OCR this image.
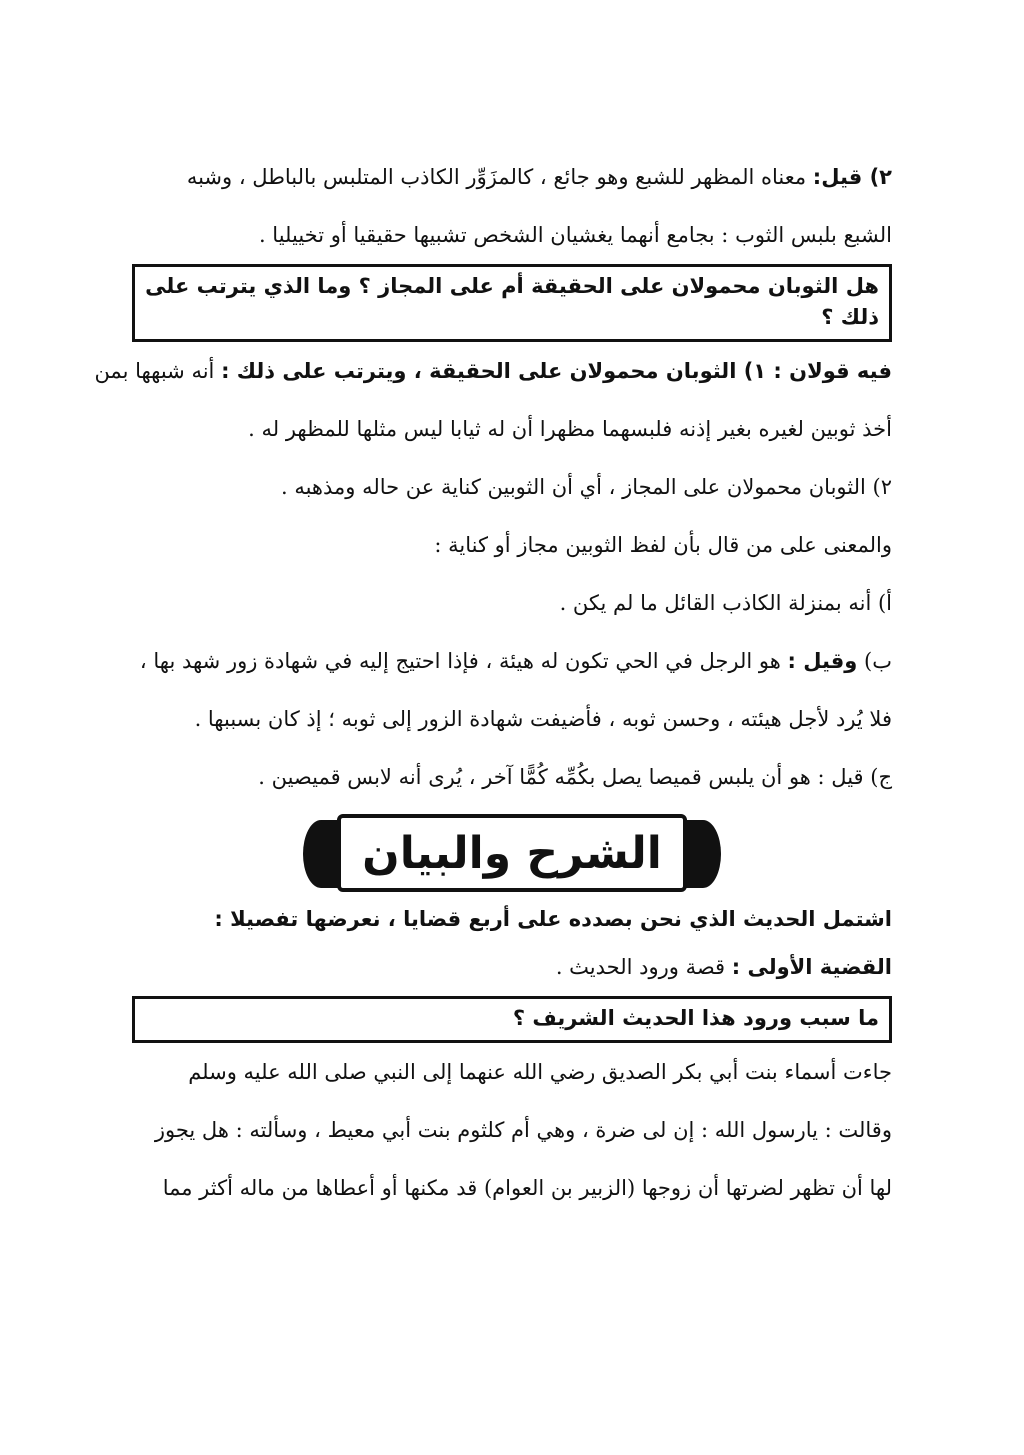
٢) قيل: معناه المظهر للشبع وهو جائع ، كالمزَوِّر الكاذب المتلبس بالباطل ، وشبه
الشبع بلبس الثوب : بجامع أنهما يغشيان الشخص تشبيها حقيقيا أو تخييليا .
هل الثوبان محمولان على الحقيقة أم على المجاز ؟ وما الذي يترتب على
ذلك ؟
فيه قولان : ١) الثوبان محمولان على الحقيقة ، ويترتب على ذلك : أنه شبهها بمن
أخذ ثوبين لغيره بغير إذنه فلبسهما مظهرا أن له ثيابا ليس مثلها للمظهر له .
٢) الثوبان محمولان على المجاز ، أي أن الثوبين كناية عن حاله ومذهبه .
والمعنى على من قال بأن لفظ الثوبين مجاز أو كناية :
أ) أنه بمنزلة الكاذب القائل ما لم يكن .
ب) وقيل : هو الرجل في الحي تكون له هيئة ، فإذا احتيج إليه في شهادة زور شهد بها ،
فلا يُرد لأجل هيئته ، وحسن ثوبه ، فأضيفت شهادة الزور إلى ثوبه ؛ إذ كان بسببها .
ج) قيل : هو أن يلبس قميصا يصل بكُمِّه كُمًّا آخر ، يُرى أنه لابس قميصين .
الشرح والبيان
اشتمل الحديث الذي نحن بصدده على أربع قضايا ، نعرضها تفصيلا :
القضية الأولى : قصة ورود الحديث .
ما سبب ورود هذا الحديث الشريف ؟
جاءت أسماء بنت أبي بكر الصديق رضي الله عنهما إلى النبي صلى الله عليه وسلم
وقالت : يارسول الله : إن لى ضرة ، وهي أم كلثوم بنت أبي معيط ، وسألته : هل يجوز
لها أن تظهر لضرتها أن زوجها (الزبير بن العوام) قد مكنها أو أعطاها من ماله أكثر مما
